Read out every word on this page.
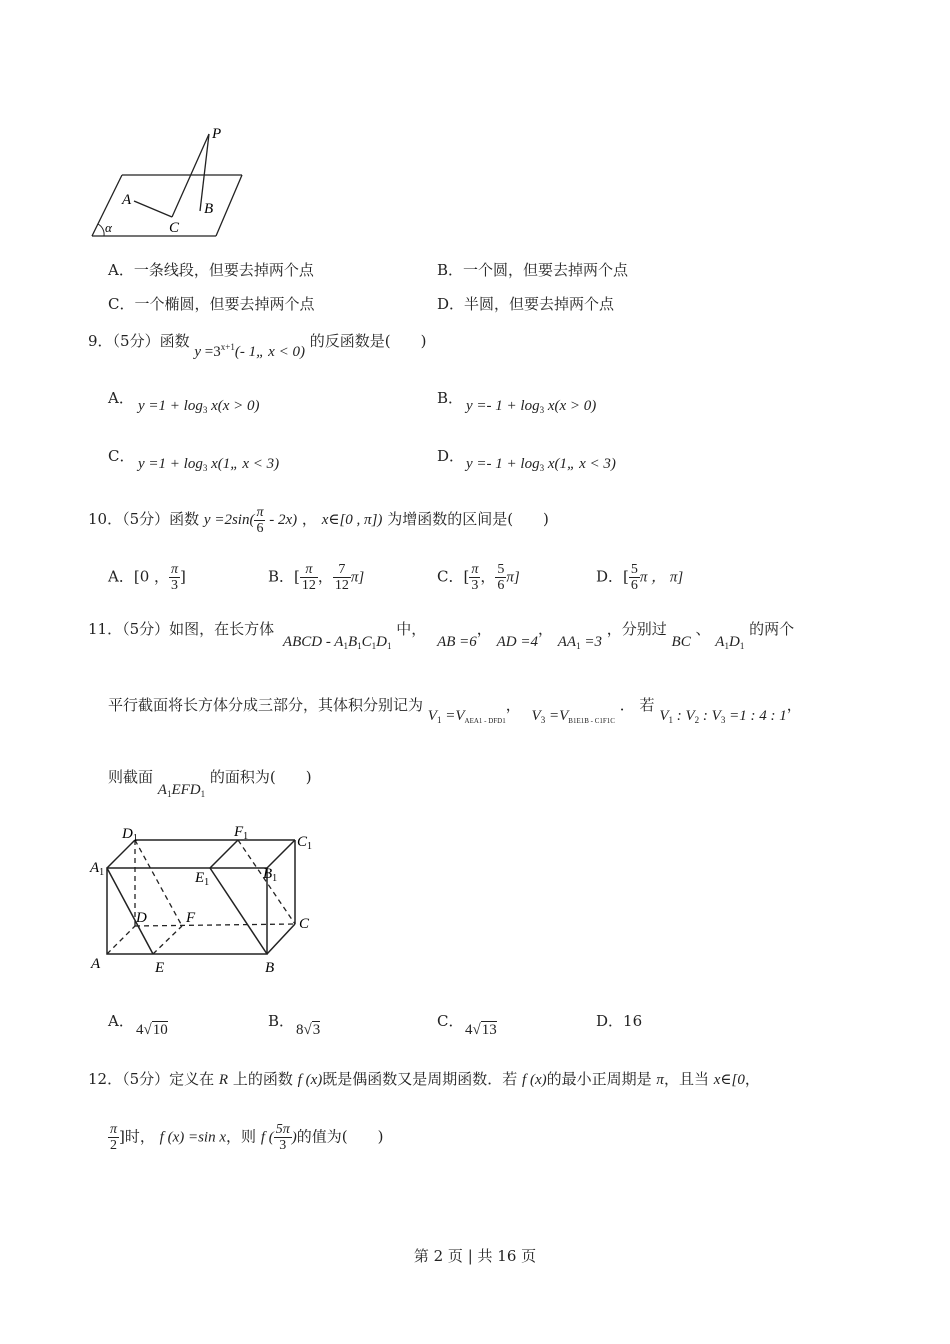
P
A
B
C
α
A．一条线段，但要去掉两个点	B．一个圆，但要去掉两个点
C．一个椭圆，但要去掉两个点	D．半圆，但要去掉两个点
9．（5分）函数 $y =3^{x+1}(-$ 1„ x < 0) 的反函数是(　　)
A． $y =1 + \log_3 x(x > 0)$	B． $y =- 1 + \log_3 x(x > 0)$
C． $y =1 + \log_3$ x(1„ x < 3)	D． $y =- 1 + \log_3$ x(1„ x < 3)
10．（5分）函数 $y =2\sin( \frac{\pi}{6} - 2x)$ ， x∈[0 , π]) 为增函数的区间是(　　)
A．[0 ， $\frac{\pi}{3}$ ]	B．[ $\frac{\pi}{12}$ ， $\frac{7}{12} \pi$]	C．[ $\frac{\pi}{3}$ ， $\frac{5}{6} \pi$]	D．[ $\frac{5}{6}$ π ， π]
11．（5分）如图，在长方体 ABCD - $A_1B_1C_1D_1$ 中， AB =6， AD =4， $AA_1 =3$ ，分别过 BC 、 $A_1D_1$ 的两个
平行截面将长方体分成三部分，其体积分别记为 $V_1 =V_{AEA1}$ $_{- DFD1}$， $V_3 =V_{B1E1B - C1F1C}$ ． 若 $V_1$ : $V_2$ : $V_3 =1$ : 4 : 1，
则截面 $A_1EFD_1$ 的面积为(　　)
$D_1$	$F_1$	$C_1$
$A_1$	$E_1$
$B_1$
D	F	C
A	E	B
A． 4√10	B． 8√3	C． 4√13	D．16
12．（5分）定义在 R 上的函数 f (x)既是偶函数又是周期函数．若 f (x)的最小正周期是 π，且当 x∈[0，
$\frac{\pi}{2}$ ]时， f (x) =sin x，则 f ( $\frac{5\pi}{3}$ )的值为(　　)
第 2 页 | 共 16 页
